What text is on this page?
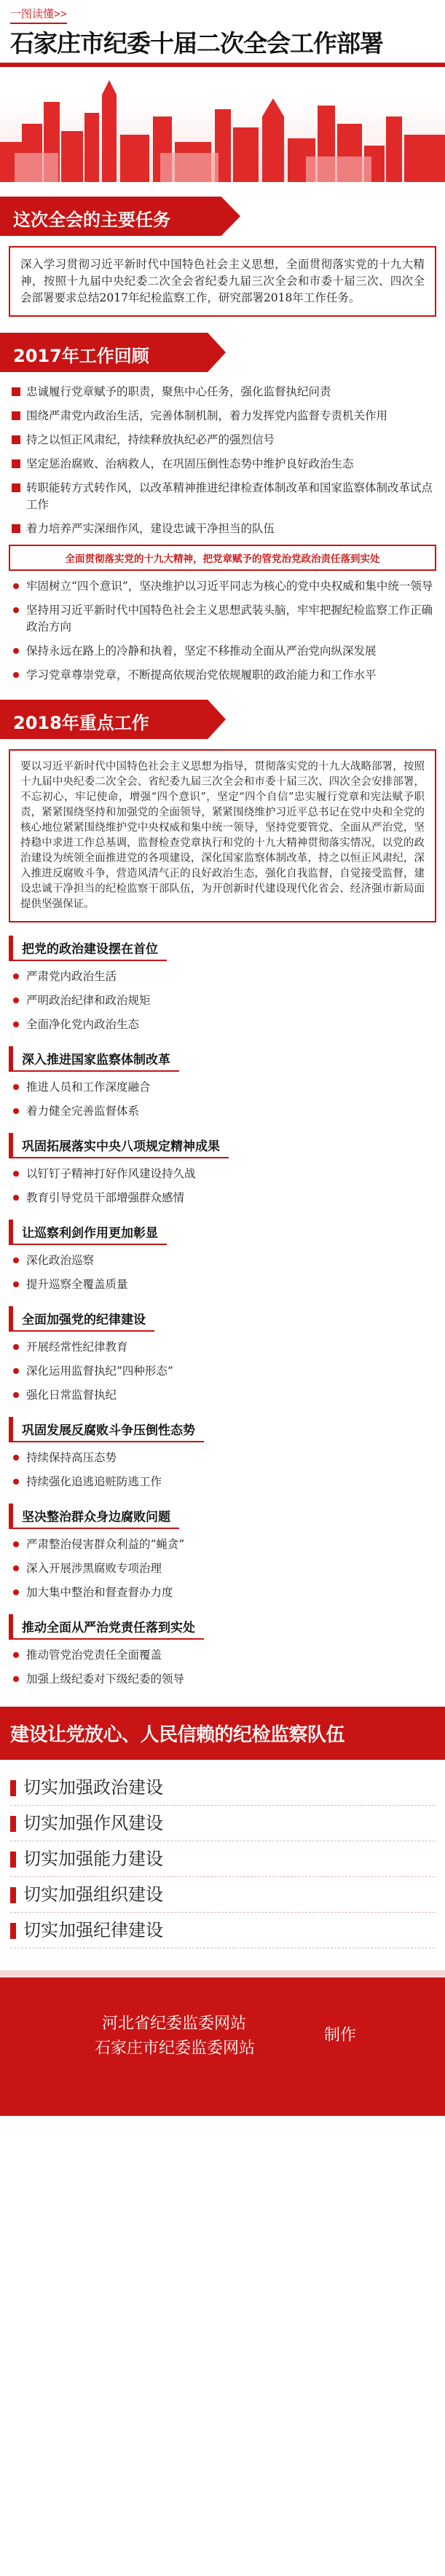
一图读懂>>
石家庄市纪委十届二次全会工作部署
这次全会的主要任务
深入学习贯彻习近平新时代中国特色社会主义思想，全面贯彻落实党的十九大精神，按照十九届中央纪委二次全会省纪委九届三次全会和市委十届三次、四次全会部署要求总结2017年纪检监察工作，研究部署2018年工作任务。
2017年工作回顾
忠诚履行党章赋予的职责，聚焦中心任务，强化监督执纪问责
围绕严肃党内政治生活，完善体制机制，着力发挥党内监督专责机关作用
持之以恒正风肃纪，持续释放执纪必严的强烈信号
坚定惩治腐败、治病救人，在巩固压倒性态势中维护良好政治生态
转职能转方式转作风，以改革精神推进纪律检查体制改革和国家监察体制改革试点工作
着力培养严实深细作风，建设忠诚干净担当的队伍
全面贯彻落实党的十九大精神，把党章赋予的管党治党政治责任落到实处
牢固树立“四个意识”，坚决维护以习近平同志为核心的党中央权威和集中统一领导
坚持用习近平新时代中国特色社会主义思想武装头脑，牢牢把握纪检监察工作正确政治方向
保持永远在路上的冷静和执着，坚定不移推动全面从严治党向纵深发展
学习党章尊崇党章，不断提高依规治党依规履职的政治能力和工作水平
2018年重点工作
要以习近平新时代中国特色社会主义思想为指导，贯彻落实党的十九大战略部署，按照十九届中央纪委二次全会、省纪委九届三次全会和市委十届三次、四次全会安排部署，不忘初心，牢记使命，增强“四个意识”，坚定“四个自信”忠实履行党章和宪法赋予职责，紧紧围绕坚持和加强党的全面领导，紧紧围绕维护习近平总书记在党中央和全党的核心地位紧紧围绕维护党中央权威和集中统一领导，坚持党要管党、全面从严治党，坚持稳中求进工作总基调，监督检查党章执行和党的十九大精神贯彻落实情况，以党的政治建设为统领全面推进党的各项建设，深化国家监察体制改革，持之以恒正风肃纪，深入推进反腐败斗争，营造风清气正的良好政治生态，强化自我监督，自觉接受监督，建设忠诚干净担当的纪检监察干部队伍，为开创新时代建设现代化省会、经济强市新局面提供坚强保证。
把党的政治建设摆在首位
严肃党内政治生活
严明政治纪律和政治规矩
全面净化党内政治生态
深入推进国家监察体制改革
推进人员和工作深度融合
着力健全完善监督体系
巩固拓展落实中央八项规定精神成果
以钉钉子精神打好作风建设持久战
教育引导党员干部增强群众感情
让巡察利剑作用更加彰显
深化政治巡察
提升巡察全覆盖质量
全面加强党的纪律建设
开展经常性纪律教育
深化运用监督执纪“四种形态”
强化日常监督执纪
巩固发展反腐败斗争压倒性态势
持续保持高压态势
持续强化追逃追赃防逃工作
坚决整治群众身边腐败问题
严肃整治侵害群众利益的“蝇贪”
深入开展涉黑腐败专项治理
加大集中整治和督查督办力度
推动全面从严治党责任落到实处
推动管党治党责任全面覆盖
加强上级纪委对下级纪委的领导
建设让党放心、人民信赖的纪检监察队伍
切实加强政治建设
切实加强作风建设
切实加强能力建设
切实加强组织建设
切实加强纪律建设
河北省纪委监委网站
石家庄市纪委监委网站
制作
